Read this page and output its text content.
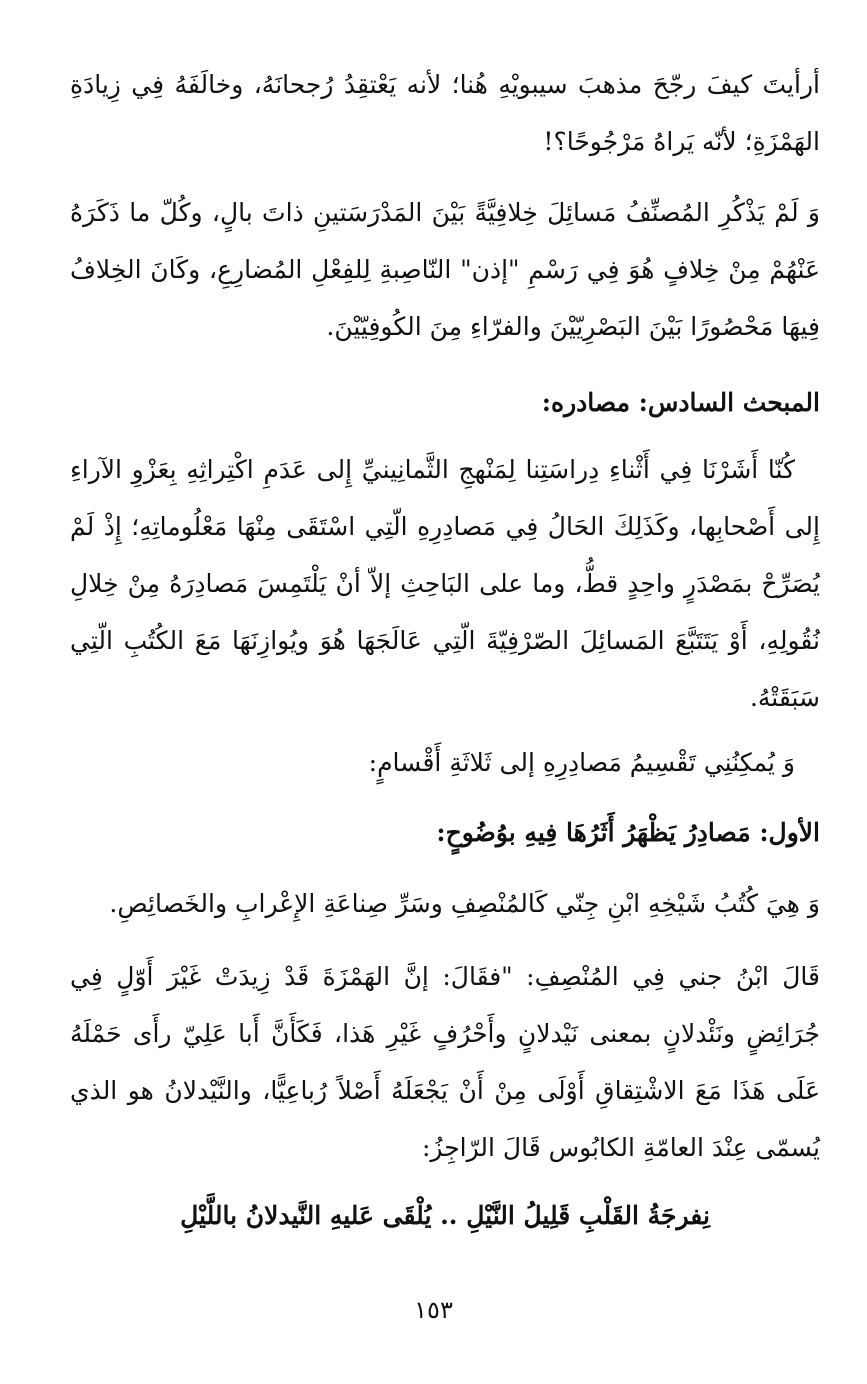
أرأيتَ كيفَ رجّحَ مذهبَ سيبويْهِ هُنا؛ لأنه يَعْتقِدُ رُجحانَهُ، وخالَفَهُ فِي زِيادَةِ الهَمْزَةِ؛ لأنّه يَراهُ مَرْجُوحًا؟!

وَ لَمْ يَذْكُرِ المُصنِّفُ مَسائِلَ خِلافِيَّةً بَيْنَ المَدْرَسَتينِ ذاتَ بالٍ، وكُلّ ما ذَكَرَهُ عَنْهُمْ مِنْ خِلافٍ هُوَ فِي رَسْمِ "إذن" النّاصِبةِ لِلفِعْلِ المُضارِعِ، وكَانَ الخِلافُ فِيهَا مَحْصُورًا بَيْنَ البَصْرِيّيْنَ والفرّاءِ مِنَ الكُوفِيّيْنَ.

المبحث السادس: مصادره:

كُنّا أَشَرْنَا فِي أَثْناءِ دِراسَتِنا لِمَنْهجِ الثَّمانِينيِّ إِلى عَدَمِ اكْتِراثِهِ بِعَزْوِ الآراءِ إِلى أَصْحابِها، وكَذَلِكَ الحَالُ فِي مَصادِرِهِ الّتِي اسْتَقَى مِنْهَا مَعْلُوماتِهِ؛ إِذْ لَمْ يُصَرِّحْ بمَصْدَرٍ واحِدٍ قطُّ، وما على البَاحِثِ إلاّ أنْ يَلْتَمِسَ مَصادِرَهُ مِنْ خِلالِ نُقُولِهِ، أَوْ يَتَتَبَّعَ المَسائِلَ الصّرْفِيّةَ الّتِي عَالَجَهَا هُوَ ويُوازِنَهَا مَعَ الكُتُبِ الّتِي سَبَقَتْهُ.

وَ يُمكِنُنِي تَقْسِيمُ مَصادِرِهِ إلى ثَلاثَةِ أَقْسامٍ:

الأول: مَصادِرُ يَظْهَرُ أَثَرُهَا فِيهِ بوُضُوحٍ:

وَ هِيَ كُتُبُ شَيْخِهِ ابْنِ جِنّي كَالمُنْصِفِ وسَرِّ صِناعَةِ الإِعْرابِ والخَصائِصِ.

قَالَ ابْنُ جني فِي المُنْصِفِ: "فقَالَ: إنَّ الهَمْزَةَ قَدْ زِيدَتْ غَيْرَ أَوّلٍ فِي جُرَائِضٍ ونَئْدلانٍ بمعنى نَيْدلانٍ وأَحْرُفٍ غَيْرِ هَذا، فَكَأَنَّ أَبا عَلِيّ رأَى حَمْلَهُ عَلَى هَذَا مَعَ الاشْتِقاقِ أَوْلَى مِنْ أَنْ يَجْعَلَهُ أَصْلاً رُباعِيًّا، والنَّيْدلانُ هو الذي يُسمّى عِنْدَ العامّةِ الكابُوس قَالَ الرّاجِزُ:

نِفرجَةُ القَلْبِ قَلِيلُ النَّيْلِ .. يُلْقَى عَليهِ النَّيدلانُ باللَّيْلِ
١٥٣
